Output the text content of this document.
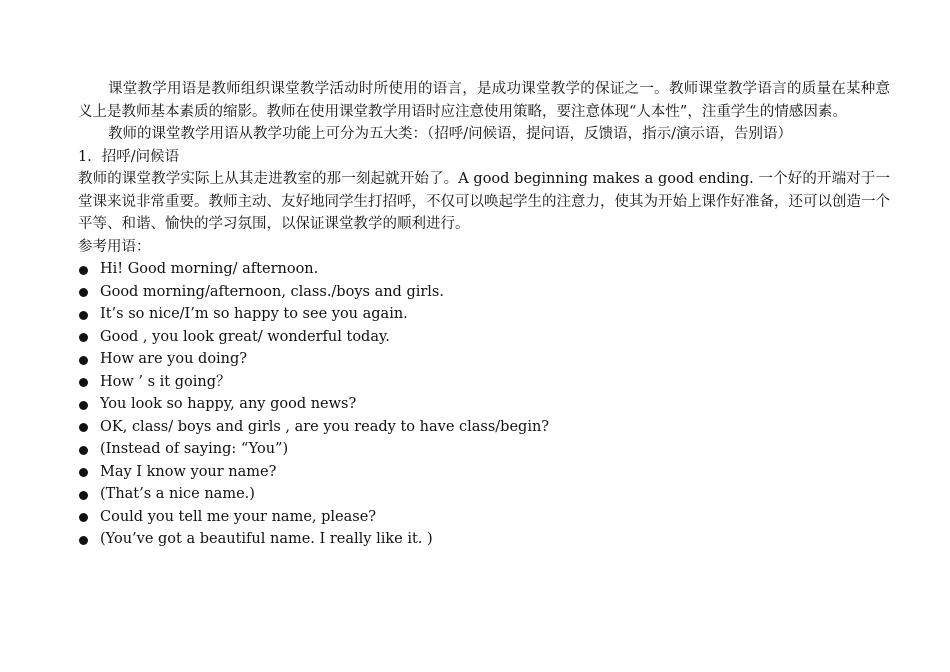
课堂教学用语是教师组织课堂教学活动时所使用的语言，是成功课堂教学的保证之一。教师课堂教学语言的质量在某种意义上是教师基本素质的缩影。教师在使用课堂教学用语时应注意使用策略，要注意体现“人本性”，注重学生的情感因素。

教师的课堂教学用语从教学功能上可分为五大类：（招呼/问候语，提问语，反馈语，指示/演示语，告别语）

1．招呼/问候语

教师的课堂教学实际上从其走进教室的那一刻起就开始了。A good beginning makes a good ending. 一个好的开端对于一堂课来说非常重要。教师主动、友好地同学生打招呼，不仅可以唤起学生的注意力，使其为开始上课作好准备，还可以创造一个平等、和谐、愉快的学习氛围，以保证课堂教学的顺利进行。

参考用语：

Hi! Good morning/ afternoon.
Good morning/afternoon, class./boys and girls.
It’s so nice/I’m so happy to see you again.
Good , you look great/ wonderful today.
How are you doing?
How ’ s it going？
You look so happy, any good news?
OK, class/ boys and girls , are you ready to have class/begin?
(Instead of saying: “You”)
May I know your name?
(That’s a nice name.)
Could you tell me your name, please?
(You’ve got a beautiful name. I really like it. )
